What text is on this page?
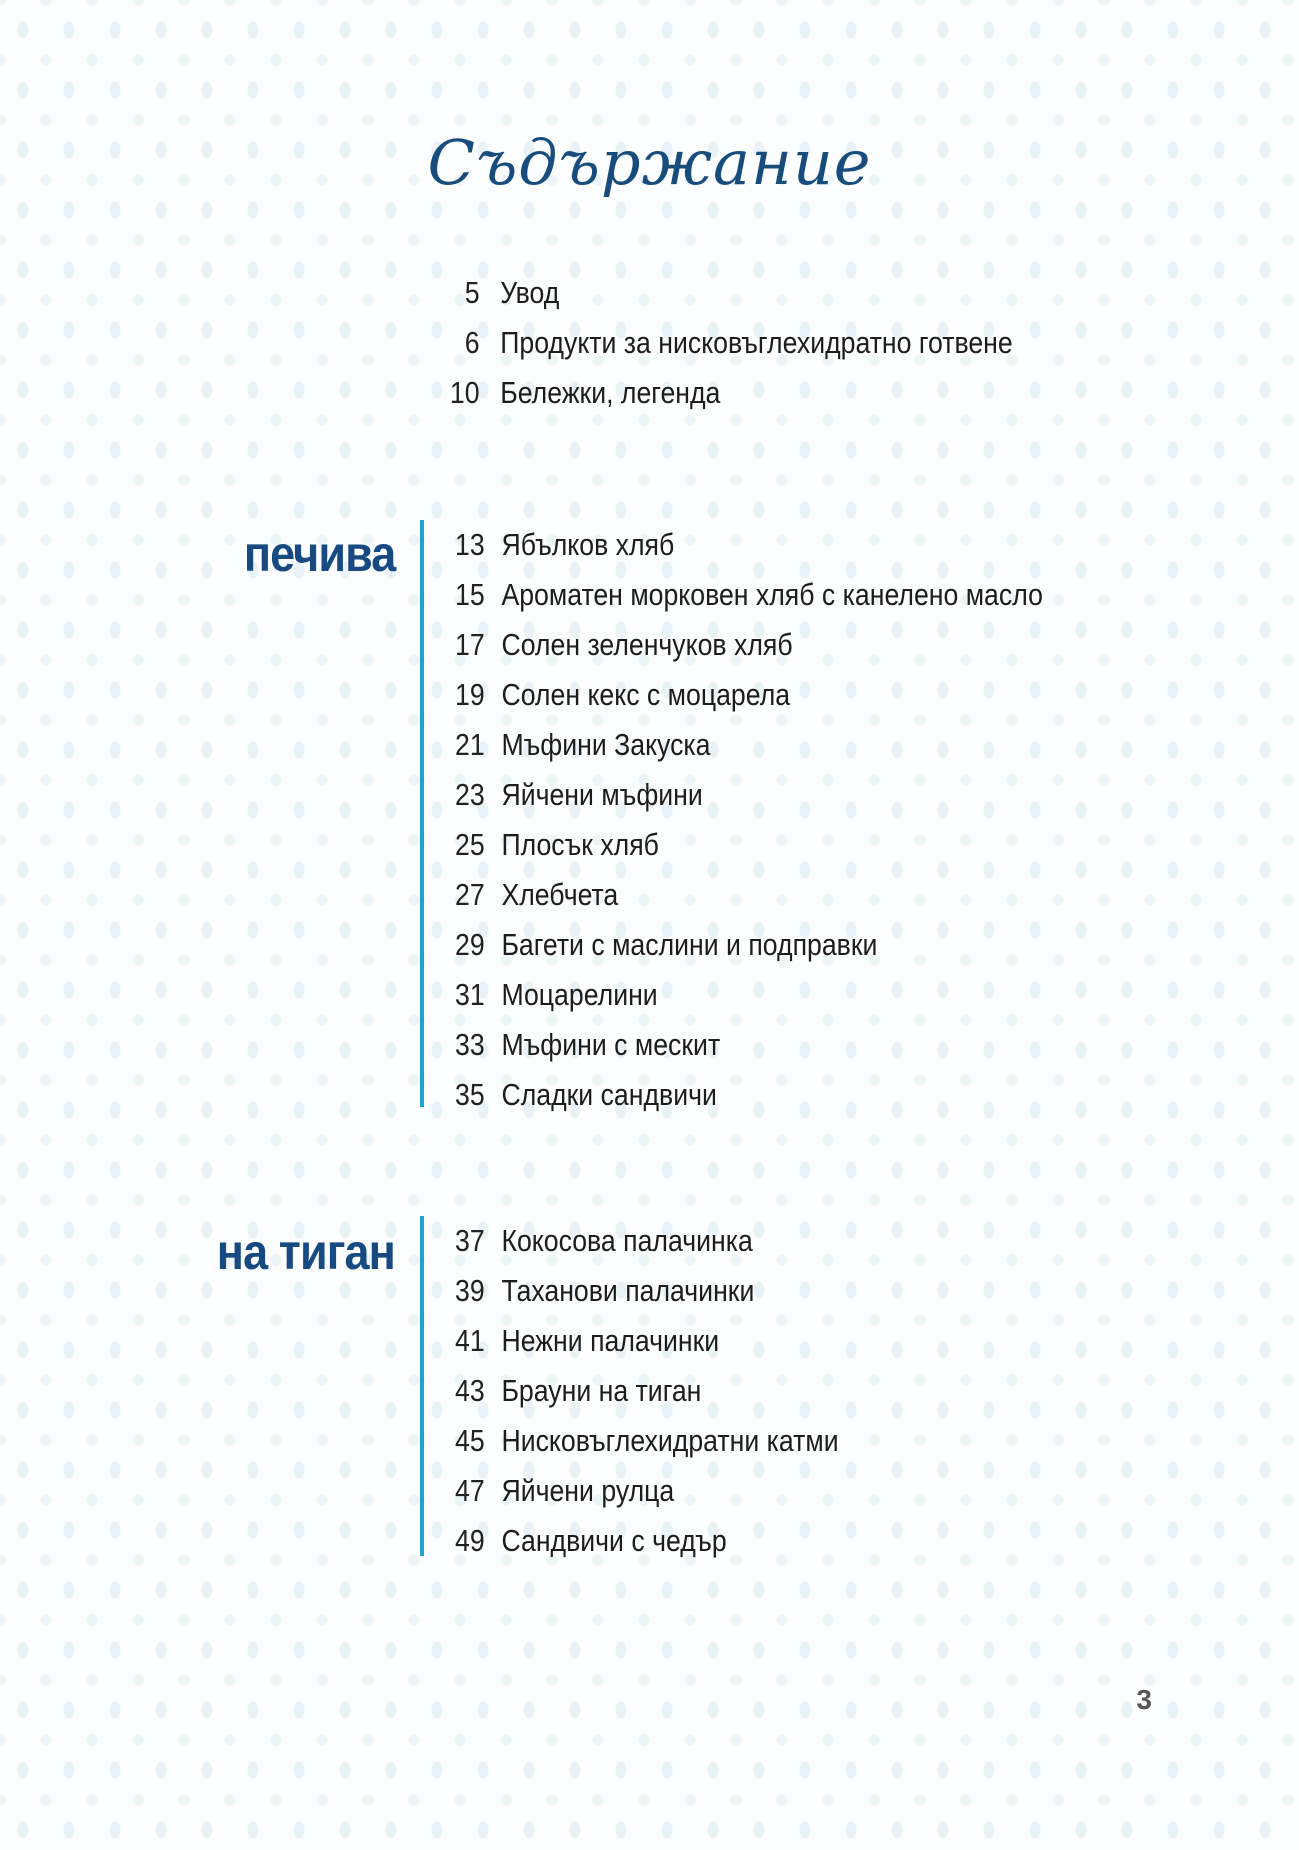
Съдържание
5 Увод
6 Продукти за нисковъглехидратно готвене
10 Бележки, легенда
печива 13 Ябълков хляб
15 Ароматен морковен хляб с канелено масло
17 Солен зеленчуков хляб
19 Солен кекс с моцарела
21 Мъфини Закуска
23 Яйчени мъфини
25 Плосък хляб
27 Хлебчета
29 Багети с маслини и подправки
31 Моцарелини
33 Мъфини с мескит
35 Сладки сандвичи
на тиган 37 Кокосова палачинка
39 Таханови палачинки
41 Нежни палачинки
43 Брауни на тиган
45 Нисковъглехидратни катми
47 Яйчени рулца
49 Сандвичи с чедър
3
